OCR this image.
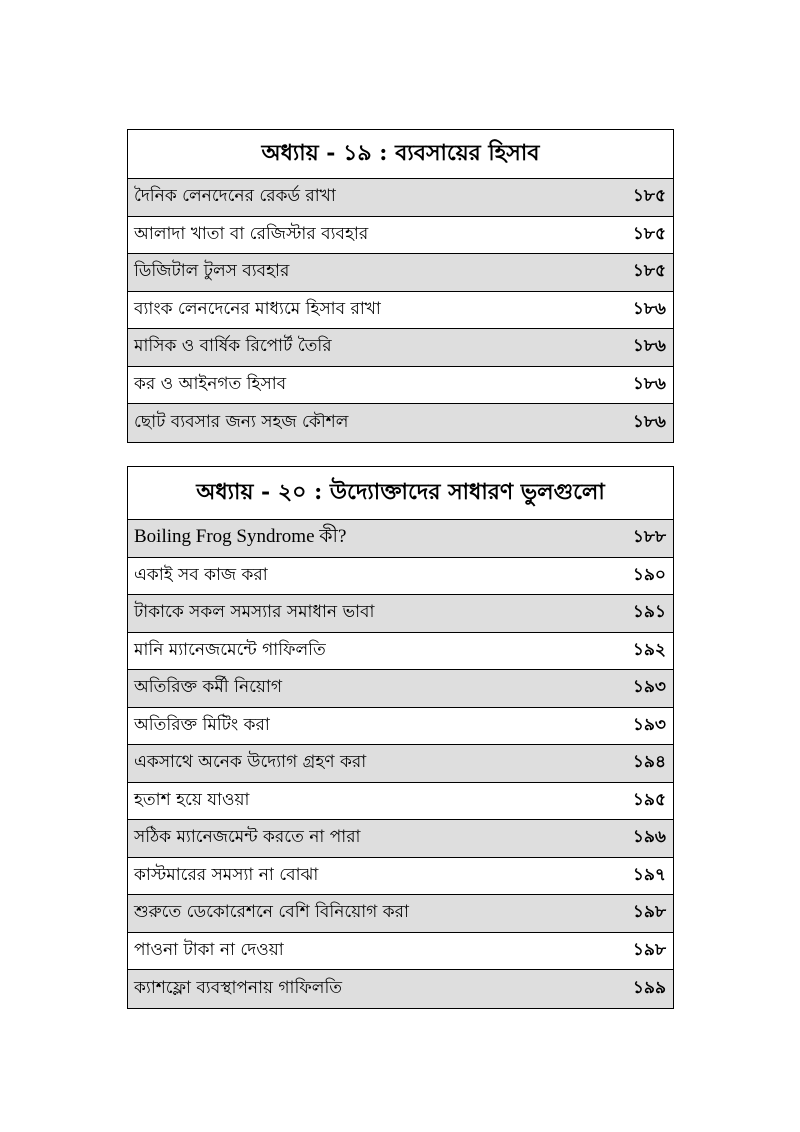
অধ্যায় - ১৯ : ব্যবসায়ের হিসাব
দৈনিক লেনদেনের রেকর্ড রাখা	১৮৫
আলাদা খাতা বা রেজিস্টার ব্যবহার	১৮৫
ডিজিটাল টুলস ব্যবহার	১৮৫
ব্যাংক লেনদেনের মাধ্যমে হিসাব রাখা	১৮৬
মাসিক ও বার্ষিক রিপোর্ট তৈরি	১৮৬
কর ও আইনগত হিসাব	১৮৬
ছোট ব্যবসার জন্য সহজ কৌশল	১৮৬
অধ্যায় - ২০ : উদ্যোক্তাদের সাধারণ ভুলগুলো
Boiling Frog Syndrome কী?	১৮৮
একাই সব কাজ করা	১৯০
টাকাকে সকল সমস্যার সমাধান ভাবা	১৯১
মানি ম্যানেজমেন্টে গাফিলতি	১৯২
অতিরিক্ত কর্মী নিয়োগ	১৯৩
অতিরিক্ত মিটিং করা	১৯৩
একসাথে অনেক উদ্যোগ গ্রহণ করা	১৯৪
হতাশ হয়ে যাওয়া	১৯৫
সঠিক ম্যানেজমেন্ট করতে না পারা	১৯৬
কাস্টমারের সমস্যা না বোঝা	১৯৭
শুরুতে ডেকোরেশনে বেশি বিনিয়োগ করা	১৯৮
পাওনা টাকা না দেওয়া	১৯৮
ক্যাশফ্লো ব্যবস্থাপনায় গাফিলতি	১৯৯
